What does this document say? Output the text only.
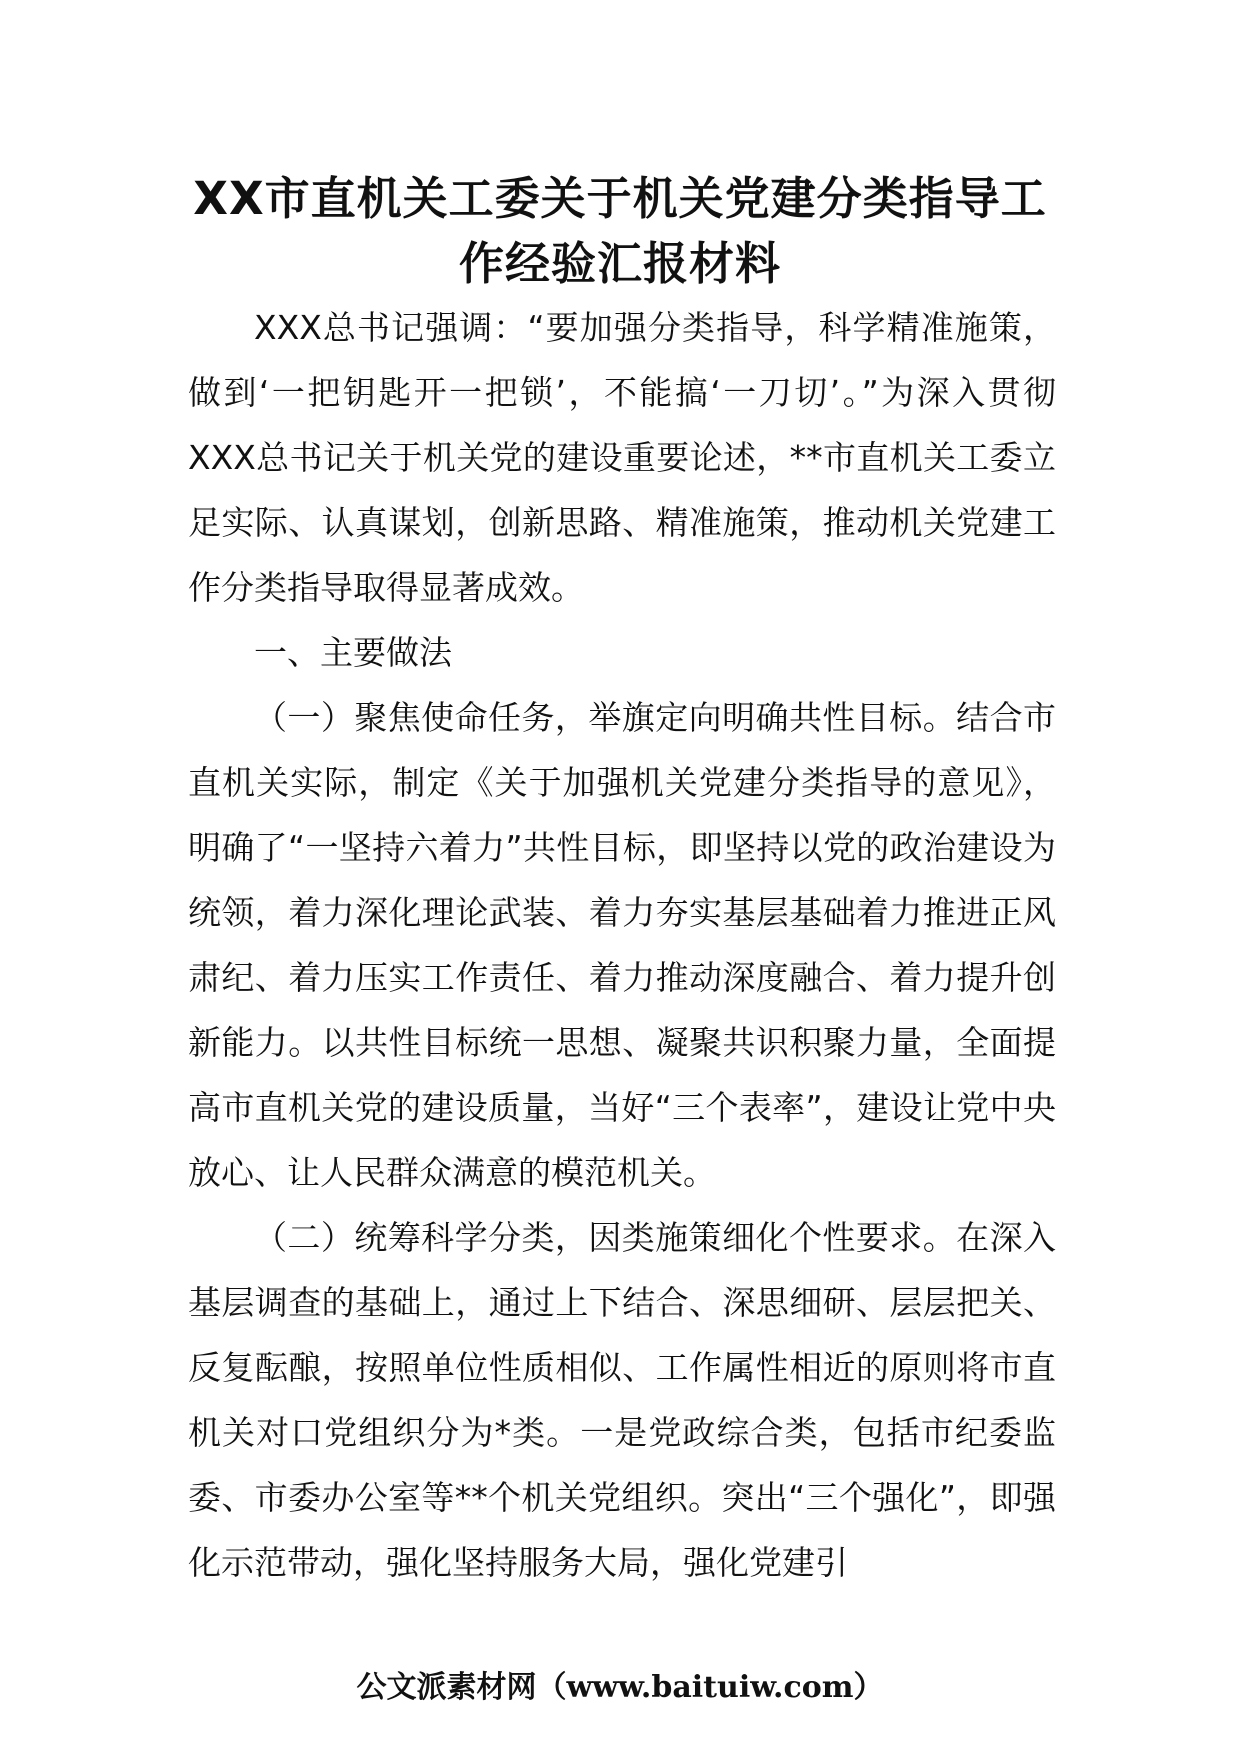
XX市直机关工委关于机关党建分类指导工作经验汇报材料

XXX总书记强调：“要加强分类指导，科学精准施策，做到‘一把钥匙开一把锁’，不能搞‘一刀切’。”为深入贯彻XXX总书记关于机关党的建设重要论述，**市直机关工委立足实际、认真谋划，创新思路、精准施策，推动机关党建工作分类指导取得显著成效。

一、主要做法

（一）聚焦使命任务，举旗定向明确共性目标。结合市直机关实际，制定《关于加强机关党建分类指导的意见》，明确了“一坚持六着力”共性目标，即坚持以党的政治建设为统领，着力深化理论武装、着力夯实基层基础着力推进正风肃纪、着力压实工作责任、着力推动深度融合、着力提升创新能力。以共性目标统一思想、凝聚共识积聚力量，全面提高市直机关党的建设质量，当好“三个表率”，建设让党中央放心、让人民群众满意的模范机关。

（二）统筹科学分类，因类施策细化个性要求。在深入基层调查的基础上，通过上下结合、深思细研、层层把关、反复酝酿，按照单位性质相似、工作属性相近的原则将市直机关对口党组织分为*类。一是党政综合类，包括市纪委监委、市委办公室等**个机关党组织。突出“三个强化”，即强化示范带动，强化坚持服务大局，强化党建引

公文派素材网（www.baituiw.com）
